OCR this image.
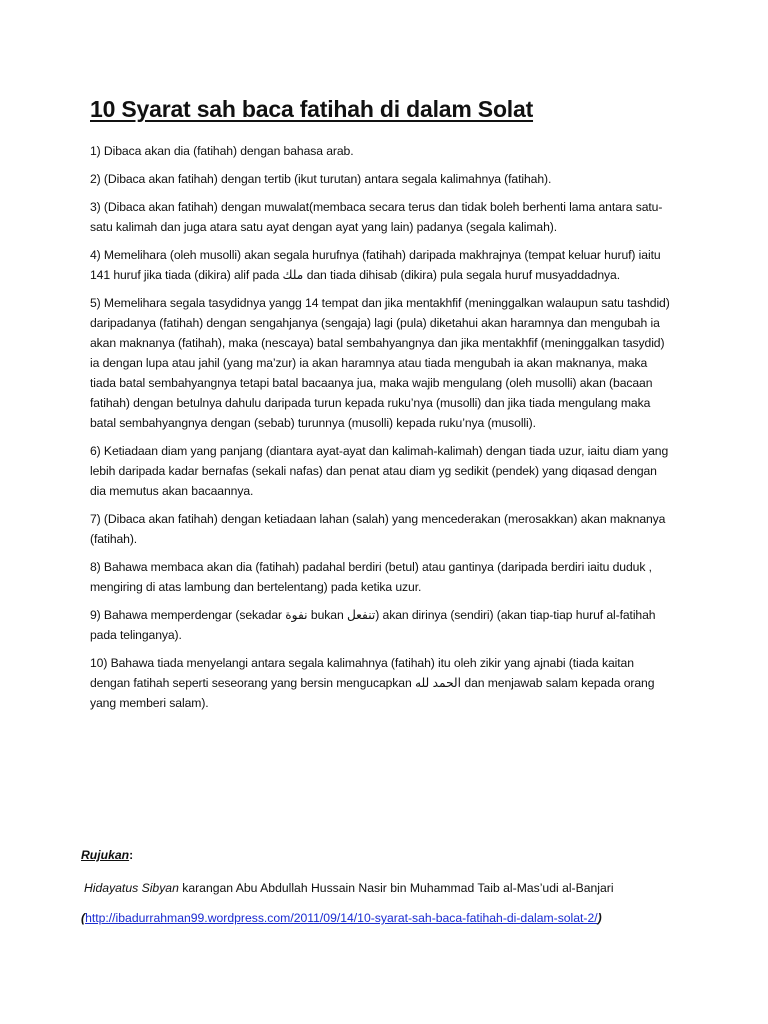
10 Syarat sah baca fatihah di dalam Solat
1) Dibaca akan dia (fatihah) dengan bahasa arab.
2) (Dibaca akan fatihah) dengan tertib (ikut turutan) antara segala kalimahnya (fatihah).
3) (Dibaca akan fatihah) dengan muwalat(membaca secara terus dan tidak boleh berhenti lama antara satu-satu kalimah dan juga atara satu ayat dengan ayat yang lain) padanya (segala kalimah).
4) Memelihara (oleh musolli) akan segala hurufnya (fatihah) daripada makhrajnya (tempat keluar huruf) iaitu 141 huruf jika tiada (dikira) alif pada ملك dan tiada dihisab (dikira) pula segala huruf musyaddadnya.
5) Memelihara segala tasydidnya yangg 14 tempat dan jika mentakhfif (meninggalkan walaupun satu tashdid) daripadanya (fatihah) dengan sengahjanya (sengaja) lagi (pula) diketahui akan haramnya dan mengubah ia akan maknanya (fatihah), maka (nescaya) batal sembahyangnya dan jika mentakhfif (meninggalkan tasydid) ia dengan lupa atau jahil (yang ma’zur) ia akan haramnya atau tiada mengubah ia akan maknanya, maka tiada batal sembahyangnya tetapi batal bacaanya jua, maka wajib mengulang (oleh musolli) akan (bacaan fatihah) dengan betulnya dahulu daripada turun kepada ruku’nya (musolli) dan jika tiada mengulang maka batal sembahyangnya dengan (sebab) turunnya (musolli) kepada ruku’nya (musolli).
6) Ketiadaan diam yang panjang (diantara ayat-ayat dan kalimah-kalimah) dengan tiada uzur, iaitu diam yang lebih daripada kadar bernafas (sekali nafas) dan penat atau diam yg sedikit (pendek) yang diqasad dengan dia memutus akan bacaannya.
7) (Dibaca akan fatihah) dengan ketiadaan lahan (salah) yang mencederakan (merosakkan) akan maknanya (fatihah).
8) Bahawa membaca akan dia (fatihah) padahal berdiri (betul) atau gantinya (daripada berdiri iaitu duduk , mengiring di atas lambung dan bertelentang) pada ketika uzur.
9) Bahawa memperdengar (sekadar نفوة bukan تنفعل) akan dirinya (sendiri) (akan tiap-tiap huruf al-fatihah pada telinganya).
10) Bahawa tiada menyelangi antara segala kalimahnya (fatihah) itu oleh zikir yang ajnabi (tiada kaitan dengan fatihah seperti seseorang yang bersin mengucapkan الحمد لله dan menjawab salam kepada orang yang memberi salam).
Rujukan:
Hidayatus Sibyan karangan Abu Abdullah Hussain Nasir bin Muhammad Taib al-Mas’udi al-Banjari
(http://ibadurrahman99.wordpress.com/2011/09/14/10-syarat-sah-baca-fatihah-di-dalam-solat-2/)
